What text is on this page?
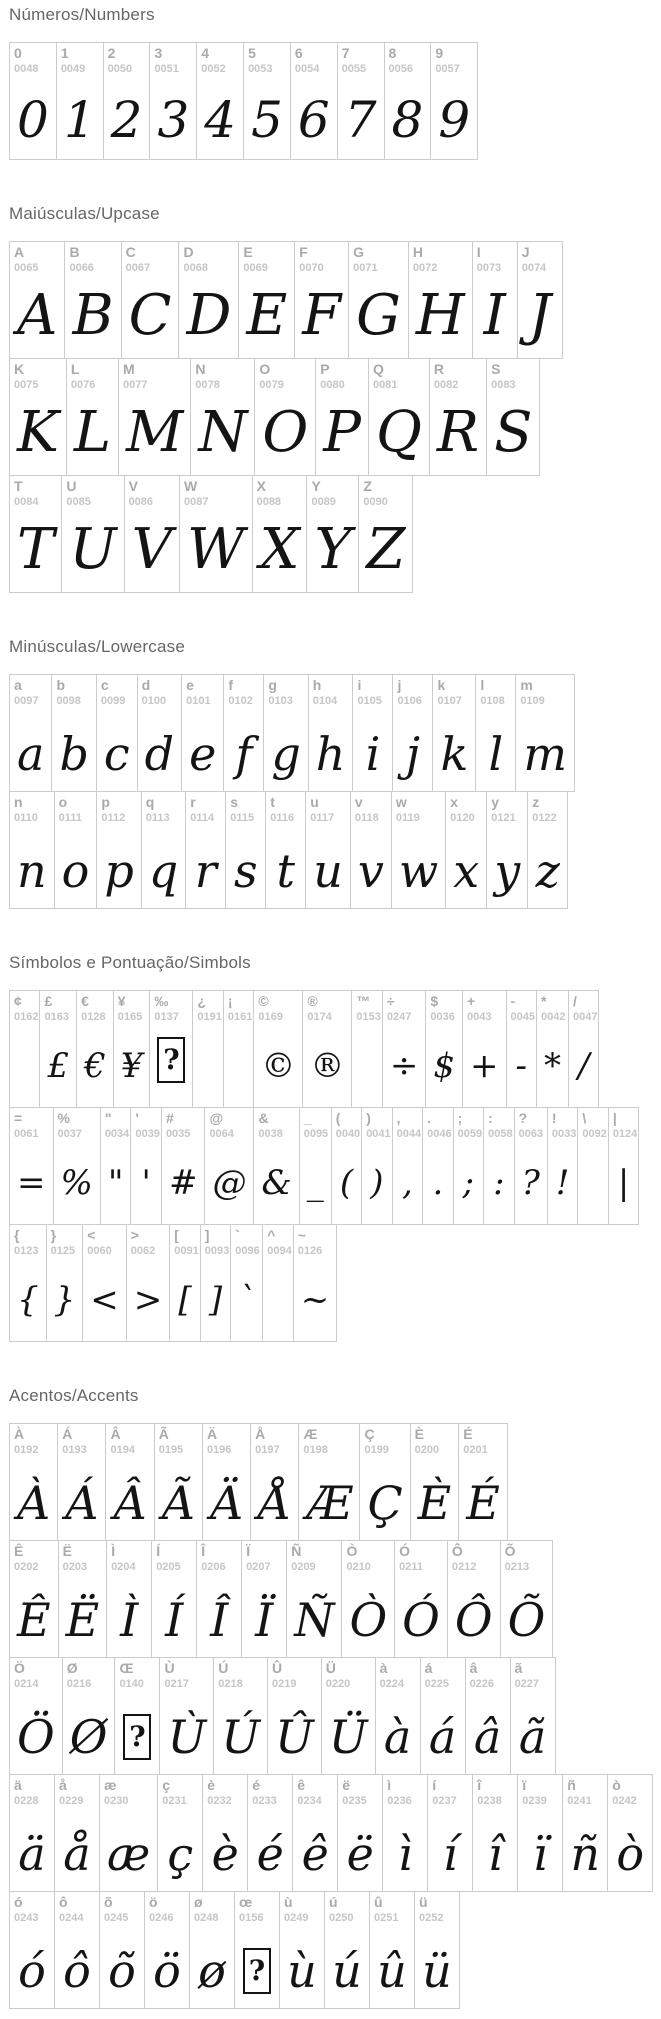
Números/Numbers
0
0048
0
1
0049
1
2
0050
2
3
0051
3
4
0052
4
5
0053
5
6
0054
6
7
0055
7
8
0056
8
9
0057
9
Maiúsculas/Upcase
A
0065
A
B
0066
B
C
0067
C
D
0068
D
E
0069
E
F
0070
F
G
0071
G
H
0072
H
I
0073
I
J
0074
J
K
0075
K
L
0076
L
M
0077
M
N
0078
N
O
0079
O
P
0080
P
Q
0081
Q
R
0082
R
S
0083
S
T
0084
T
U
0085
U
V
0086
V
W
0087
W
X
0088
X
Y
0089
Y
Z
0090
Z
Minúsculas/Lowercase
a
0097
a
b
0098
b
c
0099
c
d
0100
d
e
0101
e
f
0102
f
g
0103
g
h
0104
h
i
0105
i
j
0106
j
k
0107
k
l
0108
l
m
0109
m
n
0110
n
o
0111
o
p
0112
p
q
0113
q
r
0114
r
s
0115
s
t
0116
t
u
0117
u
v
0118
v
w
0119
w
x
0120
x
y
0121
y
z
0122
z
Símbolos e Pontuação/Simbols
¢
0162
£
0163
£
€
0128
€
¥
0165
¥
‰
0137
?
¿
0191
¡
0161
©
0169
©
®
0174
®
™
0153
÷
0247
÷
$
0036
$
+
0043
+
-
0045
-
*
0042
*
/
0047
/
=
0061
=
%
0037
%
"
0034
"
'
0039
'
#
0035
#
@
0064
@
&
0038
&
_
0095
_
(
0040
(
)
0041
)
,
0044
,
.
0046
.
;
0059
;
:
0058
:
?
0063
?
!
0033
!
\
0092
|
0124
|
{
0123
{
}
0125
}
<
0060
<
>
0062
>
[
0091
[
]
0093
]
`
0096
`
^
0094
~
0126
~
Acentos/Accents
À
0192
À
Á
0193
Á
Â
0194
Â
Ã
0195
Ã
Ä
0196
Ä
Å
0197
Å
Æ
0198
Æ
Ç
0199
Ç
È
0200
È
É
0201
É
Ê
0202
Ê
Ë
0203
Ë
Ì
0204
Ì
Í
0205
Í
Î
0206
Î
Ï
0207
Ï
Ñ
0209
Ñ
Ò
0210
Ò
Ó
0211
Ó
Ô
0212
Ô
Õ
0213
Õ
Ö
0214
Ö
Ø
0216
Ø
Œ
0140
?
Ù
0217
Ù
Ú
0218
Ú
Û
0219
Û
Ü
0220
Ü
à
0224
à
á
0225
á
â
0226
â
ã
0227
ã
ä
0228
ä
å
0229
å
æ
0230
æ
ç
0231
ç
è
0232
è
é
0233
é
ê
0234
ê
ë
0235
ë
ì
0236
ì
í
0237
í
î
0238
î
ï
0239
ï
ñ
0241
ñ
ò
0242
ò
ó
0243
ó
ô
0244
ô
õ
0245
õ
ö
0246
ö
ø
0248
ø
œ
0156
?
ù
0249
ù
ú
0250
ú
û
0251
û
ü
0252
ü
